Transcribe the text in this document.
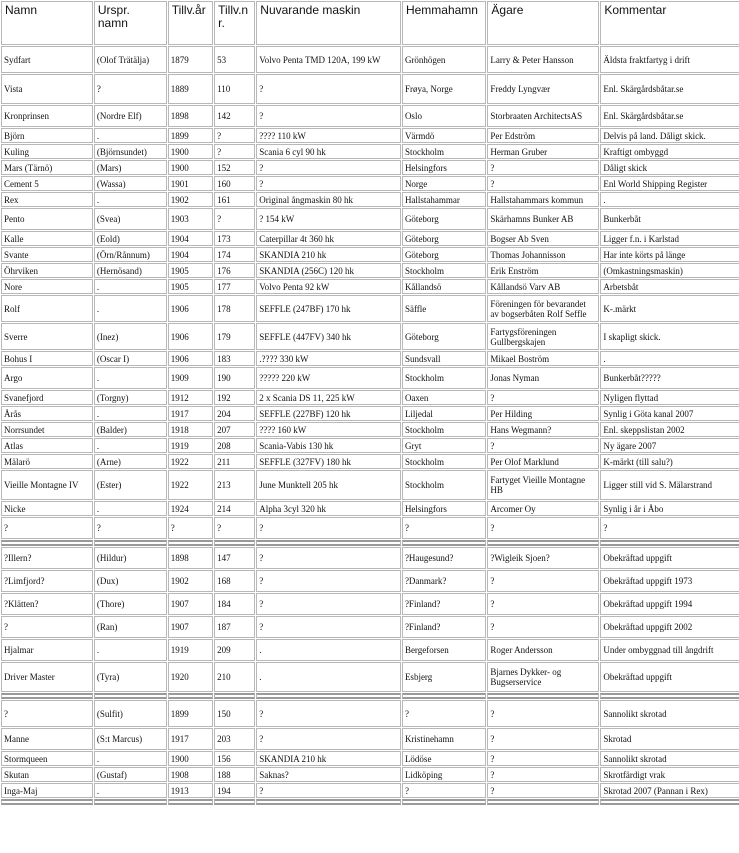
Namn	Urspr. namn	Tillv.år	Tillv.nr.	Nuvarande maskin	Hemmahamn	Ägare	Kommentar
Sydfart	(Olof Trätälja)	1879	53	Volvo Penta TMD 120A, 199 kW	Grönhögen	Larry & Peter Hansson	Äldsta fraktfartyg i drift
Vista	?	1889	110	?	Frøya, Norge	Freddy Lyngvær	Enl. Skärgårdsbåtar.se
Kronprinsen	(Nordre Elf)	1898	142	?	Oslo	Storbraaten ArchitectsAS	Enl. Skärgårdsbåtar.se
Björn	.	1899	?	???? 110 kW	Värmdö	Per Edström	Delvis på land. Dåligt skick.
Kuling	(Björnsundet)	1900	?	Scania 6 cyl 90 hk	Stockholm	Herman Gruber	Kraftigt ombyggd
Mars (Tärnö)	(Mars)	1900	152	?	Helsingfors	?	Dåligt skick
Cement 5	(Wassa)	1901	160	?	Norge	?	Enl World Shipping Register
Rex	.	1902	161	Original ångmaskin 80 hk	Hallstahammar	Hallstahammars kommun	.
Pento	(Svea)	1903	?	? 154 kW	Göteborg	Skärhamns Bunker AB	Bunkerbåt
Kalle	(Eold)	1904	173	Caterpillar 4t 360 hk	Göteborg	Bogser Ab Sven	Ligger f.n. i Karlstad
Svante	(Örn/Rånnum)	1904	174	SKANDIA 210 hk	Göteborg	Thomas Johannisson	Har inte körts på länge
Öhrviken	(Hernösand)	1905	176	SKANDIA (256C) 120 hk	Stockholm	Erik Enström	(Omkastningsmaskin)
Nore	.	1905	177	Volvo Penta 92 kW	Kållandsö	Kållandsö Varv AB	Arbetsbåt
Rolf	.	1906	178	SEFFLE (247BF) 170 hk	Säffle	Föreningen för bevarandet av bogserbåten Rolf Seffle	K-.märkt
Sverre	(Inez)	1906	179	SEFFLE (447FV) 340 hk	Göteborg	Fartygsföreningen Gullbergskajen	I skapligt skick.
Bohus I	(Oscar I)	1906	183	.???? 330 kW	Sundsvall	Mikael Boström	.
Argo	.	1909	190	????? 220 kW	Stockholm	Jonas Nyman	Bunkerbåt?????
Svanefjord	(Torgny)	1912	192	2 x Scania DS 11, 225 kW	Oaxen	?	Nyligen flyttad
Årås	.	1917	204	SEFFLE (227BF) 120 hk	Liljedal	Per Hilding	Synlig i Göta kanal 2007
Norrsundet	(Balder)	1918	207	???? 160 kW	Stockholm	Hans Wegmann?	Enl. skeppslistan 2002
Atlas	.	1919	208	Scania-Vabis 130 hk	Gryt	?	Ny ägare 2007
Mälarö	(Arne)	1922	211	SEFFLE (327FV) 180 hk	Stockholm	Per Olof Marklund	K-märkt (till salu?)
Vieille Montagne IV	(Ester)	1922	213	June Munktell 205 hk	Stockholm	Fartyget Vieille Montagne HB	Ligger still vid S. Mälarstrand
Nicke	.	1924	214	Alpha 3cyl 320 hk	Helsingfors	Arcomer Oy	Synlig i år i Åbo
?	?	?	?	?	?	?	?

?Illern?	(Hildur)	1898	147	?	?Haugesund?	?Wigleik Sjoen?	Obekräftad uppgift
?Limfjord?	(Dux)	1902	168	?	?Danmark?	?	Obekräftad uppgift 1973
?Klätten?	(Thore)	1907	184	?	?Finland?	?	Obekräftad uppgift 1994
?	(Ran)	1907	187	?	?Finland?	?	Obekräftad uppgift 2002
Hjalmar	.	1919	209	.	Bergeforsen	Roger Andersson	Under ombyggnad till ångdrift
Driver Master	(Tyra)	1920	210	.	Esbjerg	Bjarnes Dykker- og Bugserservice	Obekräftad uppgift

?	(Sulfit)	1899	150	?	?	?	Sannolikt skrotad
Manne	(S:t Marcus)	1917	203	?	Kristinehamn	?	Skrotad
Stormqueen	.	1900	156	SKANDIA 210 hk	Lödöse	?	Sannolikt skrotad
Skutan	(Gustaf)	1908	188	Saknas?	Lidköping	?	Skrotfärdigt vrak
Inga-Maj	.	1913	194	?	?	?	Skrotad 2007 (Pannan i Rex)
